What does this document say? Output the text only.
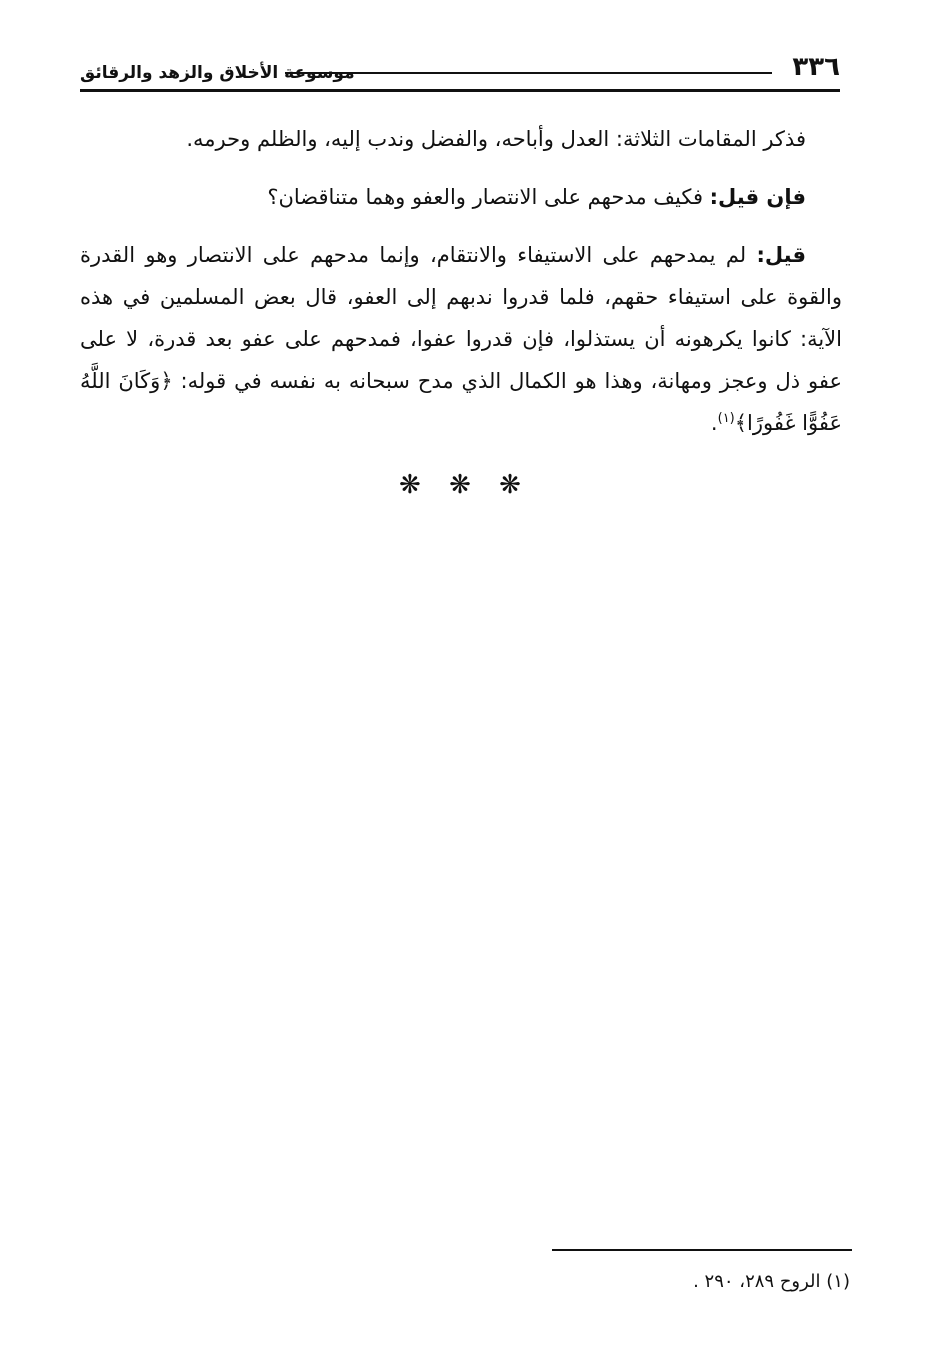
٣٣٦
موسوعة الأخلاق والزهد والرقائق

فذكر المقامات الثلاثة: العدل وأباحه، والفضل وندب إليه، والظلم وحرمه.

فإن قيل: فكيف مدحهم على الانتصار والعفو وهما متناقضان؟

قيل: لم يمدحهم على الاستيفاء والانتقام، وإنما مدحهم على الانتصار وهو القدرة والقوة على استيفاء حقهم، فلما قدروا ندبهم إلى العفو، قال بعض المسلمين في هذه الآية: كانوا يكرهونه أن يستذلوا، فإن قدروا عفوا، فمدحهم على عفو بعد قدرة، لا على عفو ذل وعجز ومهانة، وهذا هو الكمال الذي مدح سبحانه به نفسه في قوله: ﴿وَكَانَ اللَّهُ عَفُوًّا غَفُورًا﴾$^{(١)}$.

❋ ❋ ❋
(١) الروح ٢٨٩، ٢٩٠ .
